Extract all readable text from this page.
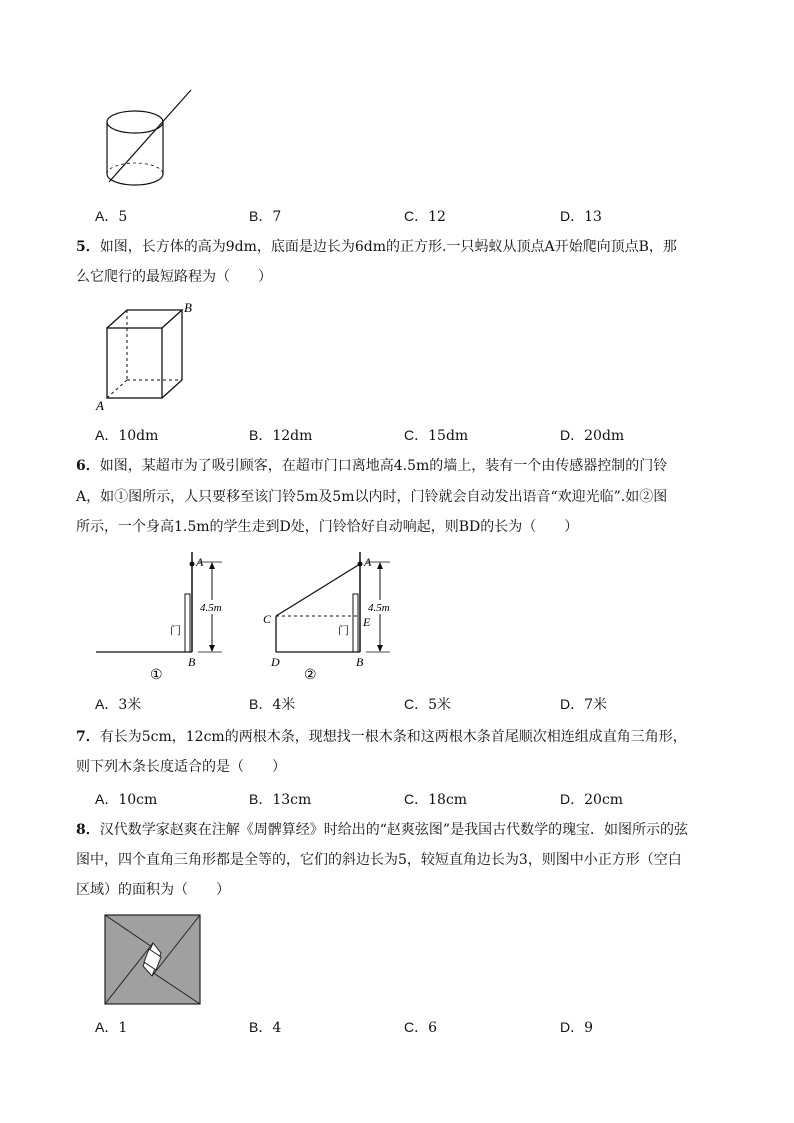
A．5	B．7	C．12	D．13
5．如图，长方体的高为9dm，底面是边长为6dm的正方形.一只蚂蚁从顶点A开始爬向顶点B，那
么它爬行的最短路程为（　　）
A
B
A．10dm	B．12dm	C．15dm	D．20dm
6．如图，某超市为了吸引顾客，在超市门口离地高4.5m的墙上，装有一个由传感器控制的门铃
A，如①图所示，人只要移至该门铃5m及5m以内时，门铃就会自动发出语音“欢迎光临”.如②图
所示，一个身高1.5m的学生走到D处，门铃恰好自动响起，则BD的长为（　　）
门
4.5m
A
B
①
门
4.5m
A
B
C
D
E
②
A．3米	B．4米	C．5米	D．7米
7．有长为5cm，12cm的两根木条，现想找一根木条和这两根木条首尾顺次相连组成直角三角形，
则下列木条长度适合的是（　　）
A．10cm	B．13cm	C．18cm	D．20cm
8．汉代数学家赵爽在注解《周髀算经》时给出的“赵爽弦图”是我国古代数学的瑰宝．如图所示的弦
图中，四个直角三角形都是全等的，它们的斜边长为5，较短直角边长为3，则图中小正方形（空白
区域）的面积为（　　）
A．1	B．4	C．6	D．9
